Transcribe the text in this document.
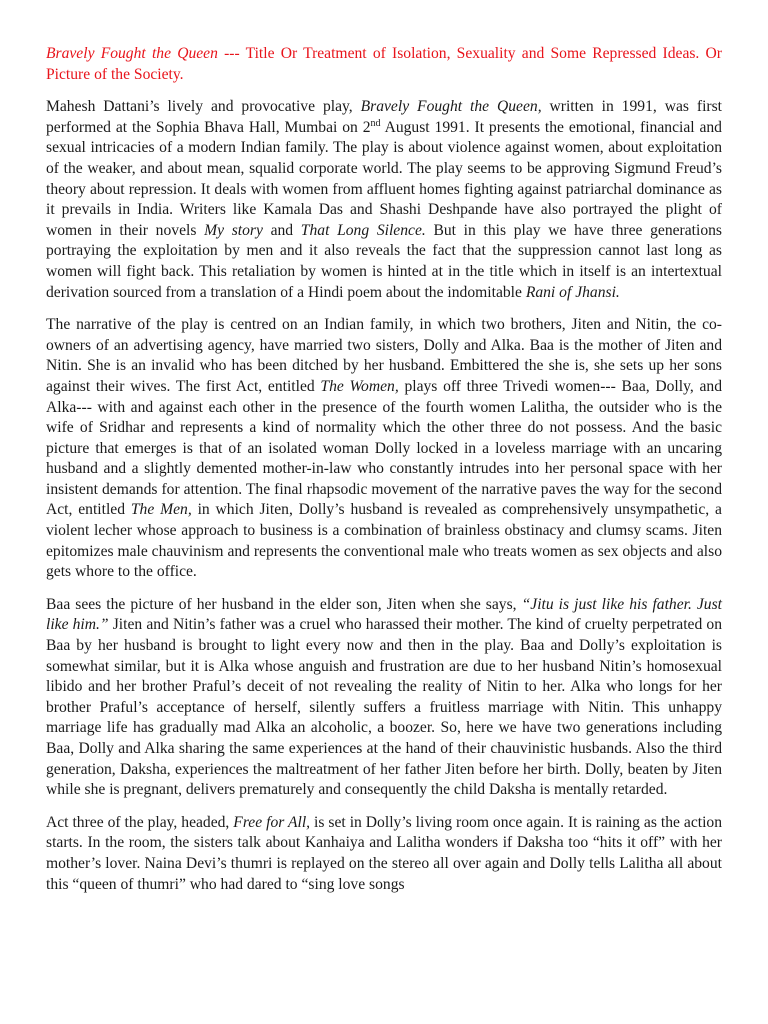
Bravely Fought the Queen --- Title Or Treatment of Isolation, Sexuality and Some Repressed Ideas. Or Picture of the Society.

Mahesh Dattani’s lively and provocative play, Bravely Fought the Queen, written in 1991, was first performed at the Sophia Bhava Hall, Mumbai on 2nd August 1991. It presents the emotional, financial and sexual intricacies of a modern Indian family. The play is about violence against women, about exploitation of the weaker, and about mean, squalid corporate world. The play seems to be approving Sigmund Freud’s theory about repression. It deals with women from affluent homes fighting against patriarchal dominance as it prevails in India. Writers like Kamala Das and Shashi Deshpande have also portrayed the plight of women in their novels My story and That Long Silence. But in this play we have three generations portraying the exploitation by men and it also reveals the fact that the suppression cannot last long as women will fight back. This retaliation by women is hinted at in the title which in itself is an intertextual derivation sourced from a translation of a Hindi poem about the indomitable Rani of Jhansi.

The narrative of the play is centred on an Indian family, in which two brothers, Jiten and Nitin, the co-owners of an advertising agency, have married two sisters, Dolly and Alka. Baa is the mother of Jiten and Nitin. She is an invalid who has been ditched by her husband. Embittered the she is, she sets up her sons against their wives. The first Act, entitled The Women, plays off three Trivedi women--- Baa, Dolly, and Alka--- with and against each other in the presence of the fourth women Lalitha, the outsider who is the wife of Sridhar and represents a kind of normality which the other three do not possess. And the basic picture that emerges is that of an isolated woman Dolly locked in a loveless marriage with an uncaring husband and a slightly demented mother-in-law who constantly intrudes into her personal space with her insistent demands for attention. The final rhapsodic movement of the narrative paves the way for the second Act, entitled The Men, in which Jiten, Dolly’s husband is revealed as comprehensively unsympathetic, a violent lecher whose approach to business is a combination of brainless obstinacy and clumsy scams. Jiten epitomizes male chauvinism and represents the conventional male who treats women as sex objects and also gets whore to the office.

Baa sees the picture of her husband in the elder son, Jiten when she says, “Jitu is just like his father. Just like him.” Jiten and Nitin’s father was a cruel who harassed their mother. The kind of cruelty perpetrated on Baa by her husband is brought to light every now and then in the play. Baa and Dolly’s exploitation is somewhat similar, but it is Alka whose anguish and frustration are due to her husband Nitin’s homosexual libido and her brother Praful’s deceit of not revealing the reality of Nitin to her. Alka who longs for her brother Praful’s acceptance of herself, silently suffers a fruitless marriage with Nitin. This unhappy marriage life has gradually mad Alka an alcoholic, a boozer. So, here we have two generations including Baa, Dolly and Alka sharing the same experiences at the hand of their chauvinistic husbands. Also the third generation, Daksha, experiences the maltreatment of her father Jiten before her birth. Dolly, beaten by Jiten while she is pregnant, delivers prematurely and consequently the child Daksha is mentally retarded.

Act three of the play, headed, Free for All, is set in Dolly’s living room once again. It is raining as the action starts. In the room, the sisters talk about Kanhaiya and Lalitha wonders if Daksha too “hits it off” with her mother’s lover. Naina Devi’s thumri is replayed on the stereo all over again and Dolly tells Lalitha all about this “queen of thumri” who had dared to “sing love songs
